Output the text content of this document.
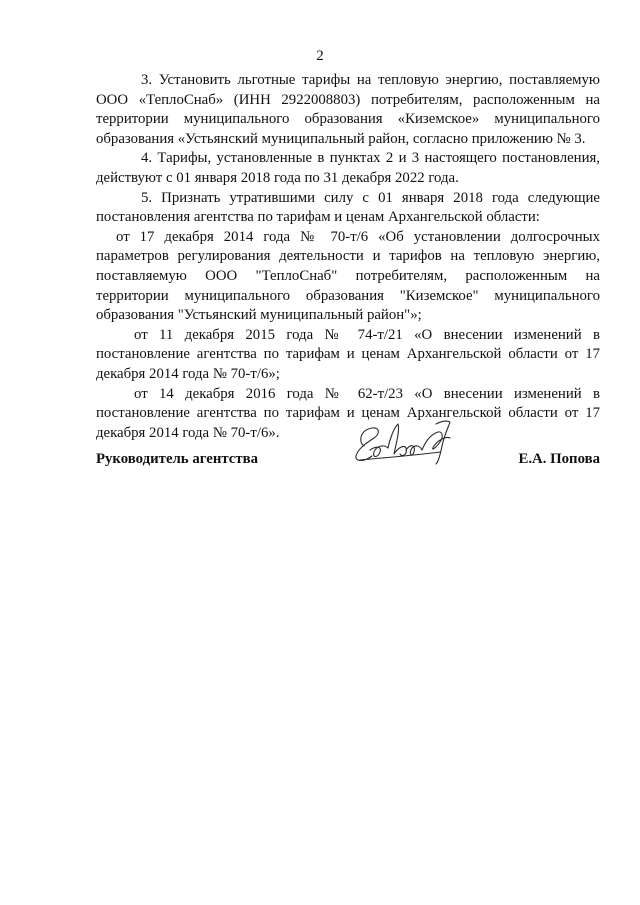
2

3. Установить льготные тарифы на тепловую энергию, поставляемую ООО «ТеплоСнаб» (ИНН 2922008803) потребителям, расположенным на территории муниципального образования «Киземское» муниципального образования «Устьянский муниципальный район, согласно приложению № 3.

4. Тарифы, установленные в пунктах 2 и 3 настоящего постановления, действуют с 01 января 2018 года по 31 декабря 2022 года.

5. Признать утратившими силу с 01 января 2018 года следующие постановления агентства по тарифам и ценам Архангельской области:

от 17 декабря 2014 года № 70-т/6 «Об установлении долгосрочных параметров регулирования деятельности и тарифов на тепловую энергию, поставляемую ООО "ТеплоСнаб" потребителям, расположенным на территории муниципального образования "Киземское" муниципального образования "Устьянский муниципальный район"»;

от 11 декабря 2015 года № 74-т/21 «О внесении изменений в постановление агентства по тарифам и ценам Архангельской области от 17 декабря 2014 года № 70-т/6»;

от 14 декабря 2016 года № 62-т/23 «О внесении изменений в постановление агентства по тарифам и ценам Архангельской области от 17 декабря 2014 года № 70-т/6».

Руководитель агентства	Е.А. Попова
